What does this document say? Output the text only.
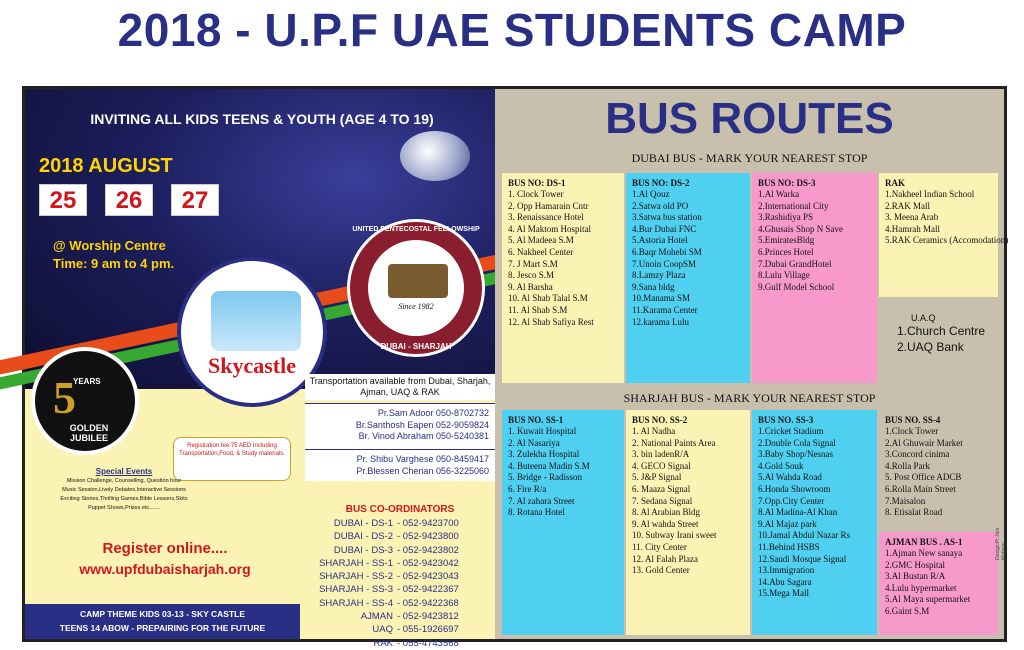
2018 - U.P.F UAE STUDENTS CAMP
INVITING ALL KIDS TEENS & YOUTH (AGE 4 TO 19)
2018 AUGUST
25	26	27
@ Worship Centre
Time: 9 am to 4 pm.
5
YEARS
GOLDEN JUBILEE
Skycastle
UNITED PENTECOSTAL FELLOWSHIP
Since 1982
DUBAI - SHARJAH
Registration fee:75 AED Including Transportation,Food, & Study materials.
Special Events
Mission Challenge, Counselling, Question hour
Music Session,Lively Debates,Interactive Sessions
Exciting Stories,Thrilling Games,Bible Lessons,Skits
Puppet Shows,Prizes etc.......
Transportation available from Dubai, Sharjah, Ajman, UAQ & RAK
Pr.Sam Adoor 050-8702732
Br.Santhosh Eapen 052-9059824
Br. Vinod Abraham 050-5240381
Pr. Shibu Varghese 050-8459417
Pr.Blessen Cherian 056-3225060
BUS CO-ORDINATORS
DUBAI - DS-1 - 052-9423700
DUBAI - DS-2 - 052-9423800
DUBAI - DS-3 - 052-9423802
SHARJAH - SS-1 - 052-9423042
SHARJAH - SS-2 - 052-9423043
SHARJAH - SS-3 - 052-9422367
SHARJAH - SS-4 - 052-9422368
AJMAN - 052-9423812
UAQ - 055-1926697
RAK - 055-4743568
Register online....
www.upfdubaisharjah.org
CAMP THEME KIDS 03-13 - SKY CASTLE
TEENS 14 ABOW - PREPAIRING FOR THE FUTURE
BUS ROUTES
DUBAI BUS - MARK YOUR NEAREST STOP
BUS NO: DS-1
1. Clock Tower
2. Opp Hamarain Cntr
3. Renaissance Hotel
4. Al Maktom Hospital
5. Al Madeea S.M
6. Nakheel Center
7. J Mart S.M
8. Jesco S.M
9. Al Barsha
10. Al Shab Talal S.M
11. Al Shab S.M
12. Al Shab Safiya Rest
BUS NO: DS-2
1.Al Qouz
2.Satwa old PO
3.Satwa bus station
4.Bur Dubai FNC
5.Astoria Hotel
6.Baqr Mohebi SM
7.Unoin CoopSM
8.Lamzy Plaza
9.Sana bldg
10.Manama SM
11.Karama Center
12.karama Lulu
BUS NO: DS-3
1.Al Warka
2.International City
3.Rashidiya PS
4.Ghusais Shop N Save
5.EmiratesBldg
6.Princes Hotel
7.Dubai GrandHotel
8.Lulu Village
9.Gulf Model School
RAK
1.Nakheel Indian School
2.RAK Mall
3. Meena Arab
4.Hamrah Mall
5.RAK Ceramics (Accomodation)
U.A.Q
1.Church Centre
2.UAQ Bank
SHARJAH BUS - MARK YOUR NEAREST STOP
BUS NO. SS-1
1. Kuwait Hospital
2. Al Nasariya
3. Zulekha Hospital
4. Buteena Madin S.M
5. Bridge - Radisson
6. Fire R/a
7. Al zahara Street
8. Rotana Hotel
BUS NO. SS-2
1. Al Nadha
2. National Paints Area
3. bin ladenR/A
4. GECO Signal
5. J&P Signal
6. Maaza Signal
7. Sedana Signal
8. Al Arabian Bldg
9. Al wahda Street
10. Subway Irani sweet
11. City Center
12. Al Falah Plaza
13. Gold Center
BUS NO. SS-3
1.Cricket Stadium
2.Double Cola Signal
3.Baby Shop/Nesnas
4.Gold Souk
5.Al Wahda Road
6.Honda Showroom
7.Opp.City Center
8.Al Madina-Al Khan
9.Al Majaz park
10.Jamal Abdul Nazar Rs
11.Behind HSBS
12.Saudi Mosque Signal
13.Immigration
14.Abu Sagara
15.Mega Mall
BUS NO. SS-4
1.Clock Tower
2.Al Ghuwair Market
3.Concord cinima
4.Rolla Park
5. Post Office ADCB
6.Rolla Main Street
7.Maisalon
8. Etisalat Road
AJMAN BUS . AS-1
1.Ajman New sanaya
2.GMC Hospital
3.Al Bustan R/A
4.Lulu hypermarket
5.Al Maya supermarket
6.Gaint S.M
Design:Pr.Jain Mathew
